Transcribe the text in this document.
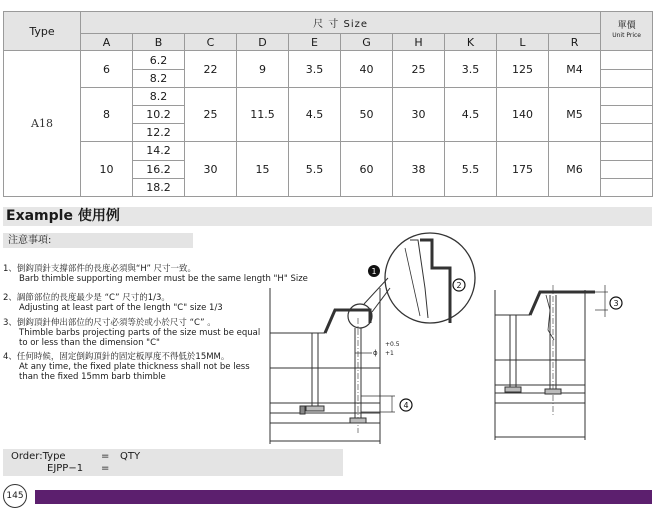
Type	尺 寸 Size										單價
Unit Price

	A	B	C	D	E	G	H	K	L	R	
A18	6	6.2	22	9	3.5	40	25	3.5	125	M4	
		8.2									
	8	8.2	25	11.5	4.5	50	30	4.5	140	M5	
		10.2									
		12.2									
	10	14.2	30	15	5.5	60	38	5.5	175	M6	
		16.2									
		18.2									
Example 使用例
注意事項:
1、倒鈎頂針支撐部件的長度必須與“H” 尺寸一致。
Barb thimble supporting member must be the same length "H" Size
2、調節部位的長度最少是 “C” 尺寸的1/3。
Adjusting at least part of the length "C" size 1/3
3、倒鈎頂針伸出部位的尺寸必須等於或小於尺寸 “C” 。
Thimble barbs projecting parts of the size must be equal to or less than the dimension "C"
4、任何時候，固定倒鈎頂針的固定板厚度不得低於15MM。
At any time, the fixed plate thickness shall not be less than the fixed 15mm barb thimble
+0.5
ϕ +1
1
2
4
3
Order:Type	= QTY
EJPP−1 =
145
